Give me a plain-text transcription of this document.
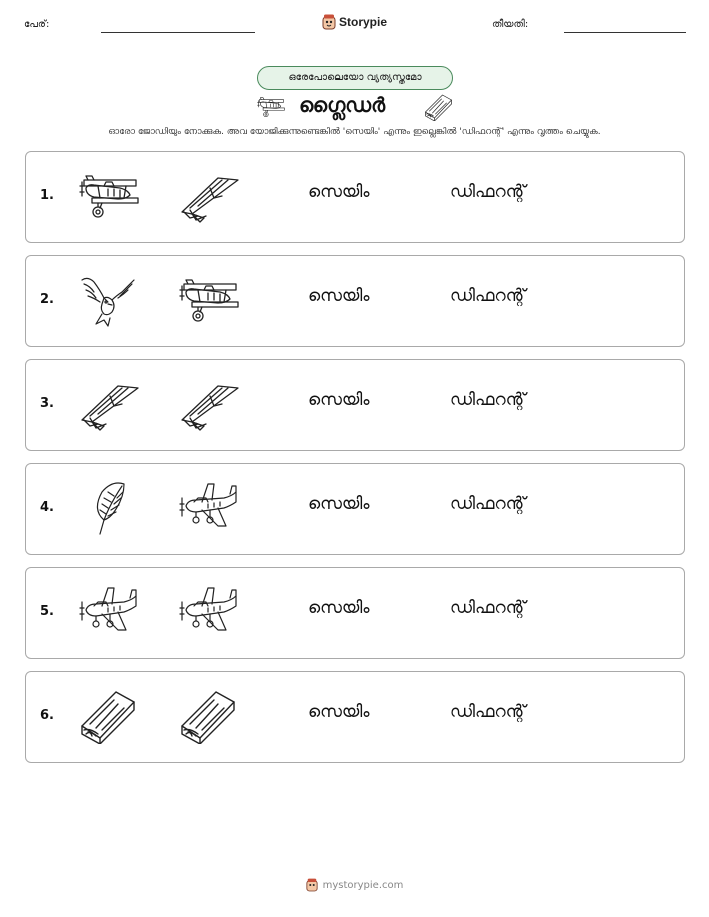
പേര്:	Storypie	തീയതി:
ഒരേപോലെയോ വ്യത്യസ്തമോ
ഗ്ലൈഡർ
ഓരോ ജോഡിയും നോക്കുക. അവ യോജിക്കുന്നുണ്ടെങ്കിൽ 'സെയിം' എന്നും ഇല്ലെങ്കിൽ 'ഡിഫറന്റ്' എന്നും വൃത്തം ചെയ്യുക.
1.	സെയിം	ഡിഫറന്റ്
2.	സെയിം	ഡിഫറന്റ്
3.	സെയിം	ഡിഫറന്റ്
4.	സെയിം	ഡിഫറന്റ്
5.	സെയിം	ഡിഫറന്റ്
6.	സെയിം	ഡിഫറന്റ്
mystorypie.com
